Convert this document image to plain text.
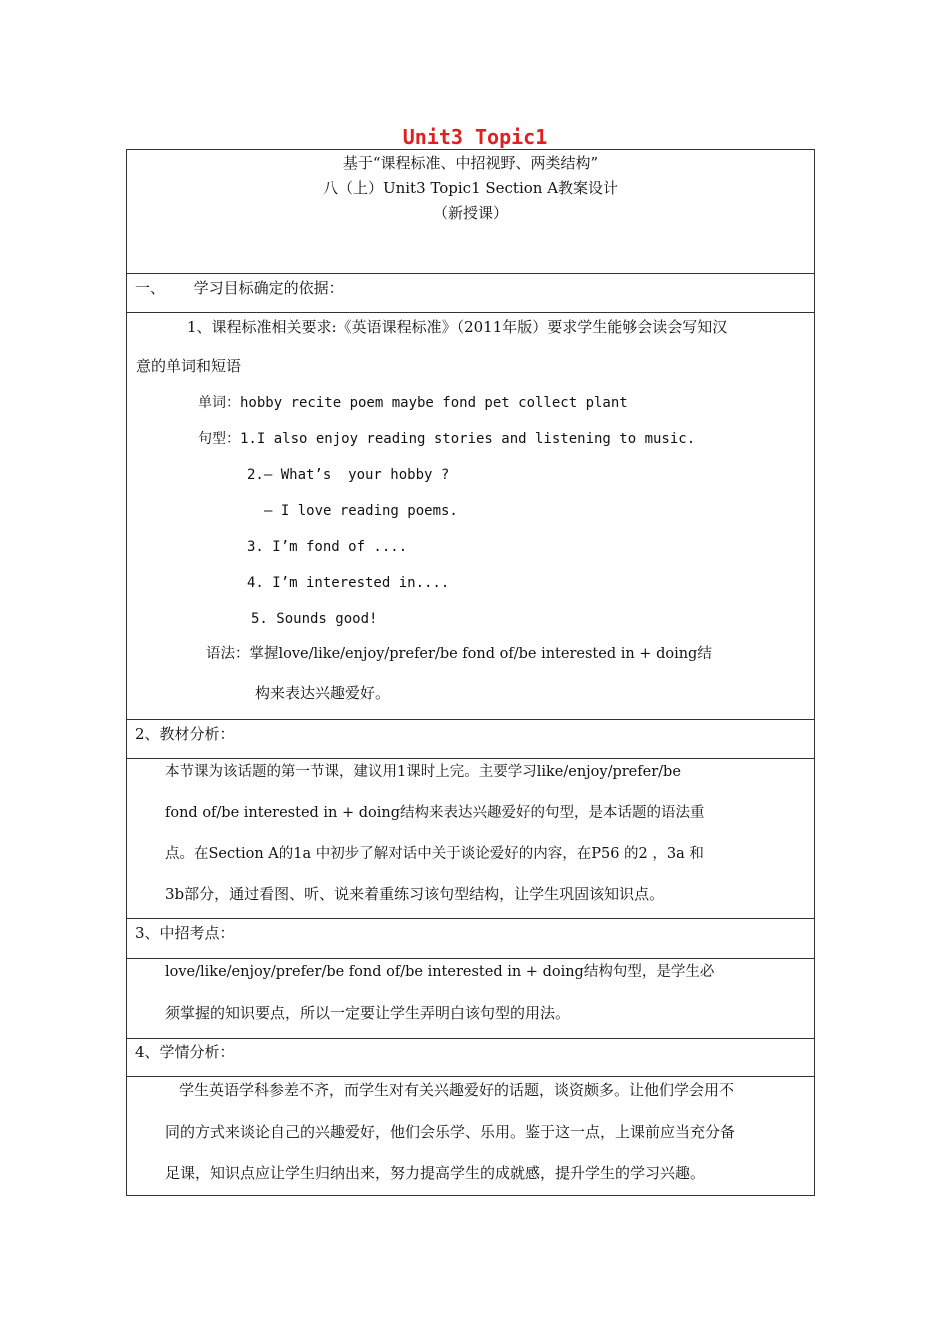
Unit3 Topic1
基于“课程标准、中招视野、两类结构”
八（上）Unit3 Topic1 Section A教案设计
（新授课）
一、      学习目标确定的依据：
1、课程标准相关要求:《英语课程标准》（2011年版）要求学生能够会读会写知汉
意的单词和短语
单词：hobby recite poem maybe fond pet collect plant
句型：1.I also enjoy reading stories and listening to music.
2.— What’s  your hobby ?
— I love reading poems.
3. I’m fond of ....
4. I’m interested in....
5. Sounds good!
语法：掌握love/like/enjoy/prefer/be fond of/be interested in + doing结
构来表达兴趣爱好。
2、教材分析：
本节课为该话题的第一节课，建议用1课时上完。主要学习like/enjoy/prefer/be
fond of/be interested in + doing结构来表达兴趣爱好的句型，是本话题的语法重
点。在Section A的1a 中初步了解对话中关于谈论爱好的内容，在P56 的2 ，3a 和
3b部分，通过看图、听、说来着重练习该句型结构，让学生巩固该知识点。
3、中招考点：
love/like/enjoy/prefer/be fond of/be interested in + doing结构句型，是学生必
须掌握的知识要点，所以一定要让学生弄明白该句型的用法。
4、学情分析：
学生英语学科参差不齐，而学生对有关兴趣爱好的话题，谈资颇多。让他们学会用不
同的方式来谈论自己的兴趣爱好，他们会乐学、乐用。鉴于这一点，上课前应当充分备
足课，知识点应让学生归纳出来，努力提高学生的成就感，提升学生的学习兴趣。
